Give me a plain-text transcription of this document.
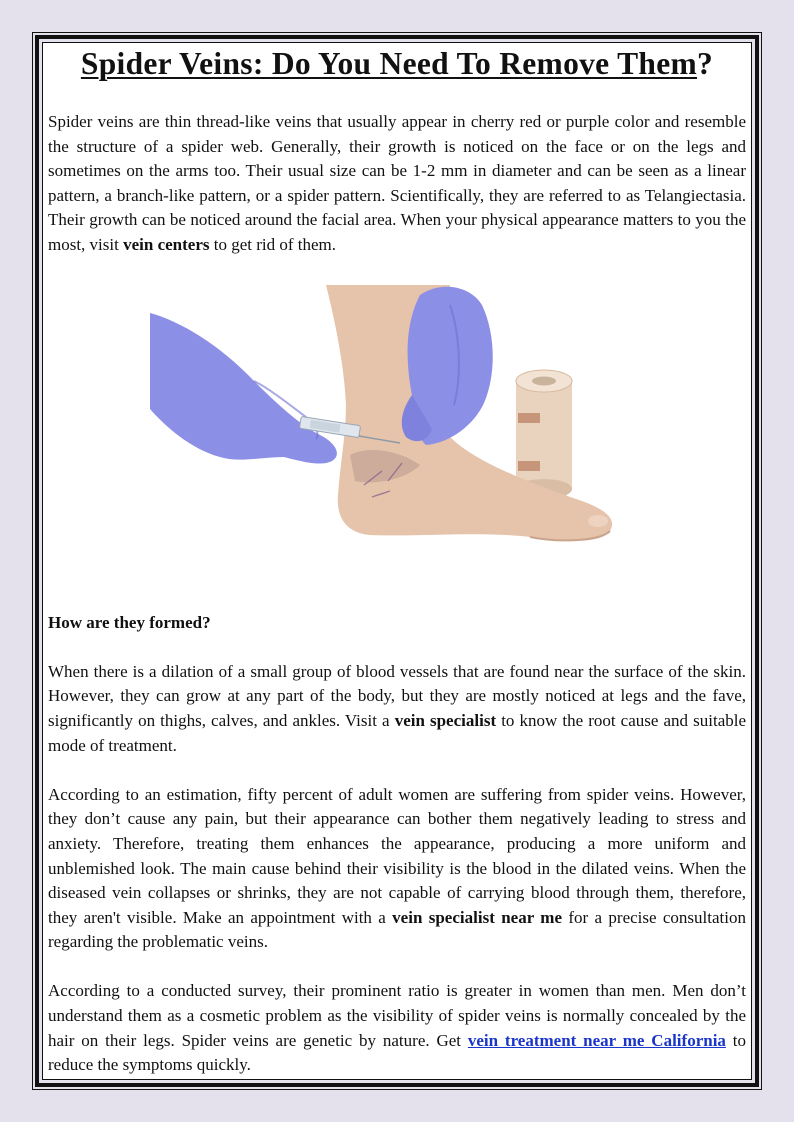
Spider Veins: Do You Need To Remove Them?

Spider veins are thin thread-like veins that usually appear in cherry red or purple color and resemble the structure of a spider web. Generally, their growth is noticed on the face or on the legs and sometimes on the arms too. Their usual size can be 1-2 mm in diameter and can be seen as a linear pattern, a branch-like pattern, or a spider pattern. Scientifically, they are referred to as Telangiectasia. Their growth can be noticed around the facial area. When your physical appearance matters to you the most, visit vein centers to get rid of them.

How are they formed?

When there is a dilation of a small group of blood vessels that are found near the surface of the skin. However, they can grow at any part of the body, but they are mostly noticed at legs and the fave, significantly on thighs, calves, and ankles. Visit a vein specialist to know the root cause and suitable mode of treatment.

According to an estimation, fifty percent of adult women are suffering from spider veins. However, they don’t cause any pain, but their appearance can bother them negatively leading to stress and anxiety. Therefore, treating them enhances the appearance, producing a more uniform and unblemished look. The main cause behind their visibility is the blood in the dilated veins. When the diseased vein collapses or shrinks, they are not capable of carrying blood through them, therefore, they aren't visible. Make an appointment with a vein specialist near me for a precise consultation regarding the problematic veins.

According to a conducted survey, their prominent ratio is greater in women than men. Men don’t understand them as a cosmetic problem as the visibility of spider veins is normally concealed by the hair on their legs. Spider veins are genetic by nature. Get vein treatment near me California to reduce the symptoms quickly.
